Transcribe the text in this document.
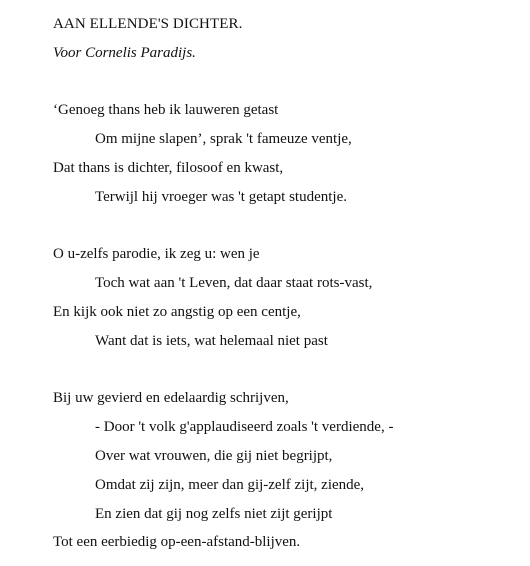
AAN ELLENDE'S DICHTER.
Voor Cornelis Paradijs.
‘Genoeg thans heb ik lauweren getast
Om mijne slapen’, sprak 't fameuze ventje,
Dat thans is dichter, filosoof en kwast,
Terwijl hij vroeger was 't getapt studentje.
O u-zelfs parodie, ik zeg u: wen je
Toch wat aan 't Leven, dat daar staat rots-vast,
En kijk ook niet zo angstig op een centje,
Want dat is iets, wat helemaal niet past
Bij uw gevierd en edelaardig schrijven,
- Door 't volk g'applaudiseerd zoals 't verdiende, -
Over wat vrouwen, die gij niet begrijpt,
Omdat zij zijn, meer dan gij-zelf zijt, ziende,
En zien dat gij nog zelfs niet zijt gerijpt
Tot een eerbiedig op-een-afstand-blijven.
